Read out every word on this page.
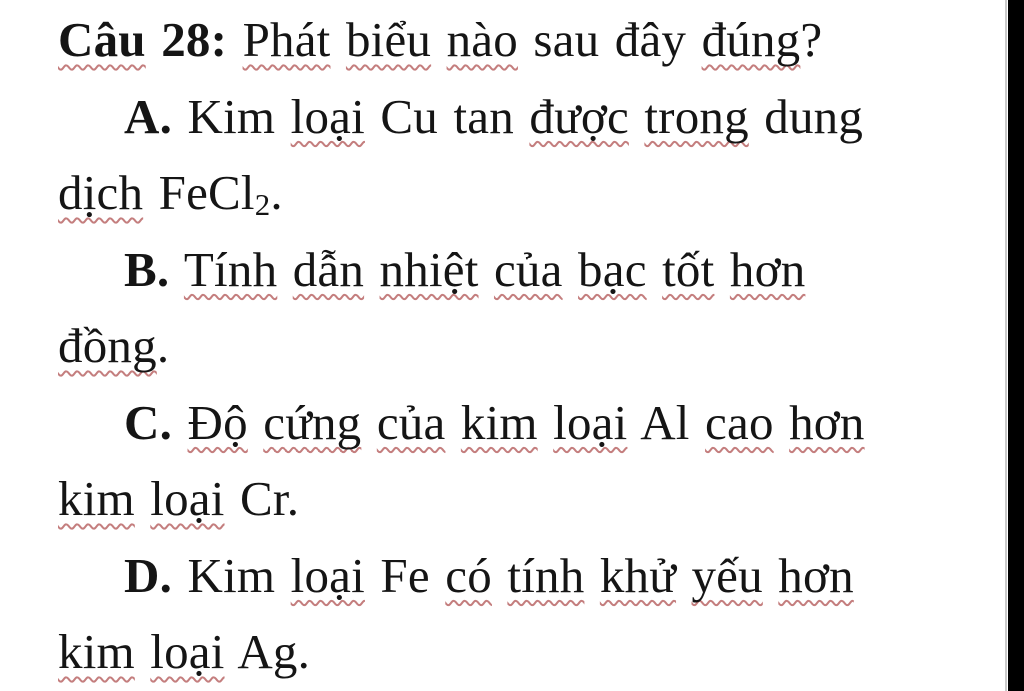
Câu 28: Phát biểu nào sau đây đúng?
A. Kim loại Cu tan được trong dung
dịch FeCl2.
B. Tính dẫn nhiệt của bạc tốt hơn
đồng.
C. Độ cứng của kim loại Al cao hơn
kim loại Cr.
D. Kim loại Fe có tính khử yếu hơn
kim loại Ag.
